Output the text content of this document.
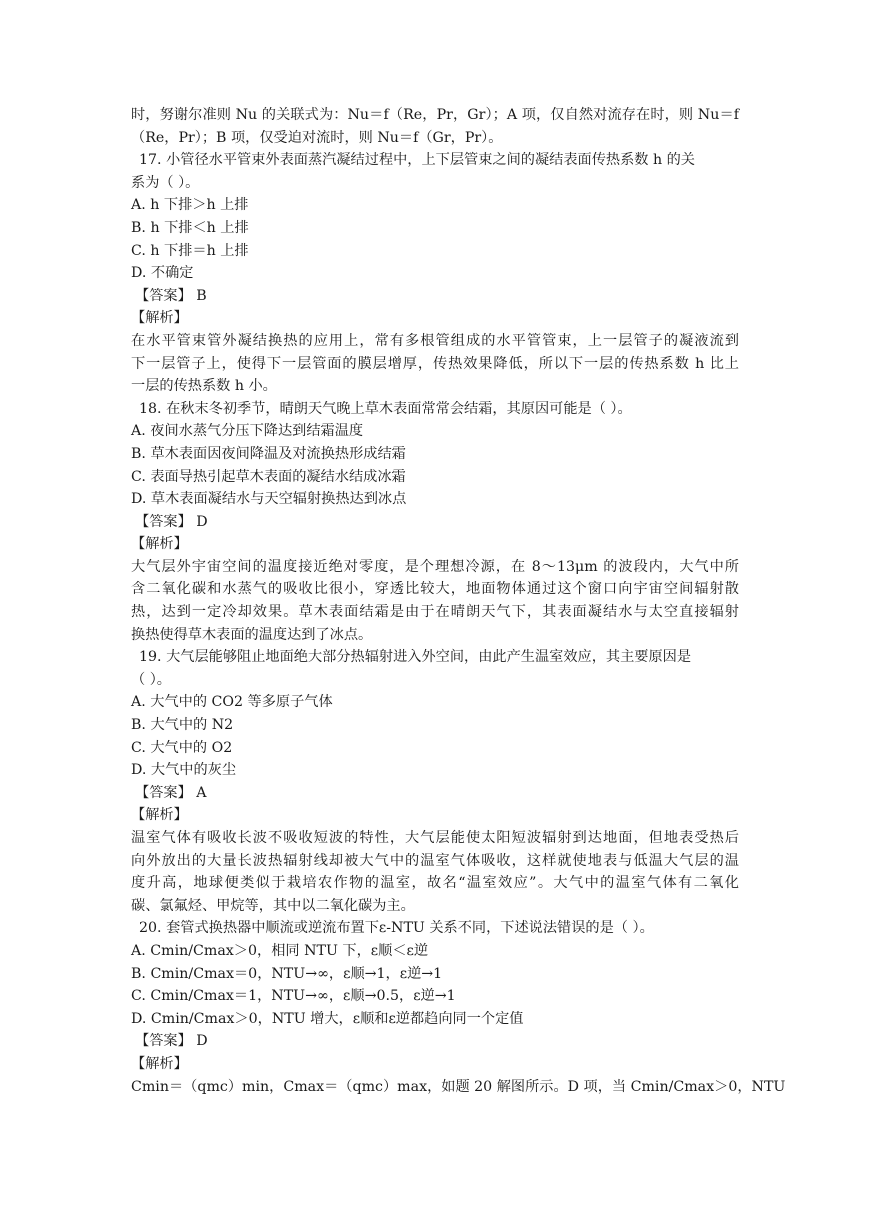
时，努谢尔准则 Nu 的关联式为：Nu＝f（Re，Pr，Gr）；A 项，仅自然对流存在时，则 Nu＝f
（Re，Pr）；B 项，仅受迫对流时，则 Nu＝f（Gr，Pr）。
17. 小管径水平管束外表面蒸汽凝结过程中，上下层管束之间的凝结表面传热系数 h 的关
系为（ ）。
A. h 下排＞h 上排
B. h 下排＜h 上排
C. h 下排＝h 上排
D. 不确定
【答案】 B
【解析】
在水平管束管外凝结换热的应用上，常有多根管组成的水平管管束，上一层管子的凝液流到
下一层管子上，使得下一层管面的膜层增厚，传热效果降低，所以下一层的传热系数 h 比上
一层的传热系数 h 小。
18. 在秋末冬初季节，晴朗天气晚上草木表面常常会结霜，其原因可能是（ ）。
A. 夜间水蒸气分压下降达到结霜温度
B. 草木表面因夜间降温及对流换热形成结霜
C. 表面导热引起草木表面的凝结水结成冰霜
D. 草木表面凝结水与天空辐射换热达到冰点
【答案】 D
【解析】
大气层外宇宙空间的温度接近绝对零度，是个理想冷源，在 8～13μm 的波段内，大气中所
含二氧化碳和水蒸气的吸收比很小，穿透比较大，地面物体通过这个窗口向宇宙空间辐射散
热，达到一定冷却效果。草木表面结霜是由于在晴朗天气下，其表面凝结水与太空直接辐射
换热使得草木表面的温度达到了冰点。
19. 大气层能够阻止地面绝大部分热辐射进入外空间，由此产生温室效应，其主要原因是
（ ）。
A. 大气中的 CO2 等多原子气体
B. 大气中的 N2
C. 大气中的 O2
D. 大气中的灰尘
【答案】 A
【解析】
温室气体有吸收长波不吸收短波的特性，大气层能使太阳短波辐射到达地面，但地表受热后
向外放出的大量长波热辐射线却被大气中的温室气体吸收，这样就使地表与低温大气层的温
度升高，地球便类似于栽培农作物的温室，故名“温室效应”。大气中的温室气体有二氧化
碳、氯氟烃、甲烷等，其中以二氧化碳为主。
20. 套管式换热器中顺流或逆流布置下ε-NTU 关系不同，下述说法错误的是（ ）。
A. Cmin/Cmax＞0，相同 NTU 下，ε顺＜ε逆
B. Cmin/Cmax＝0，NTU→∞，ε顺→1，ε逆→1
C. Cmin/Cmax＝1，NTU→∞，ε顺→0.5，ε逆→1
D. Cmin/Cmax＞0，NTU 增大，ε顺和ε逆都趋向同一个定值
【答案】 D
【解析】
Cmin＝（qmc）min，Cmax＝（qmc）max，如题 20 解图所示。D 项，当 Cmin/Cmax＞0，NTU
